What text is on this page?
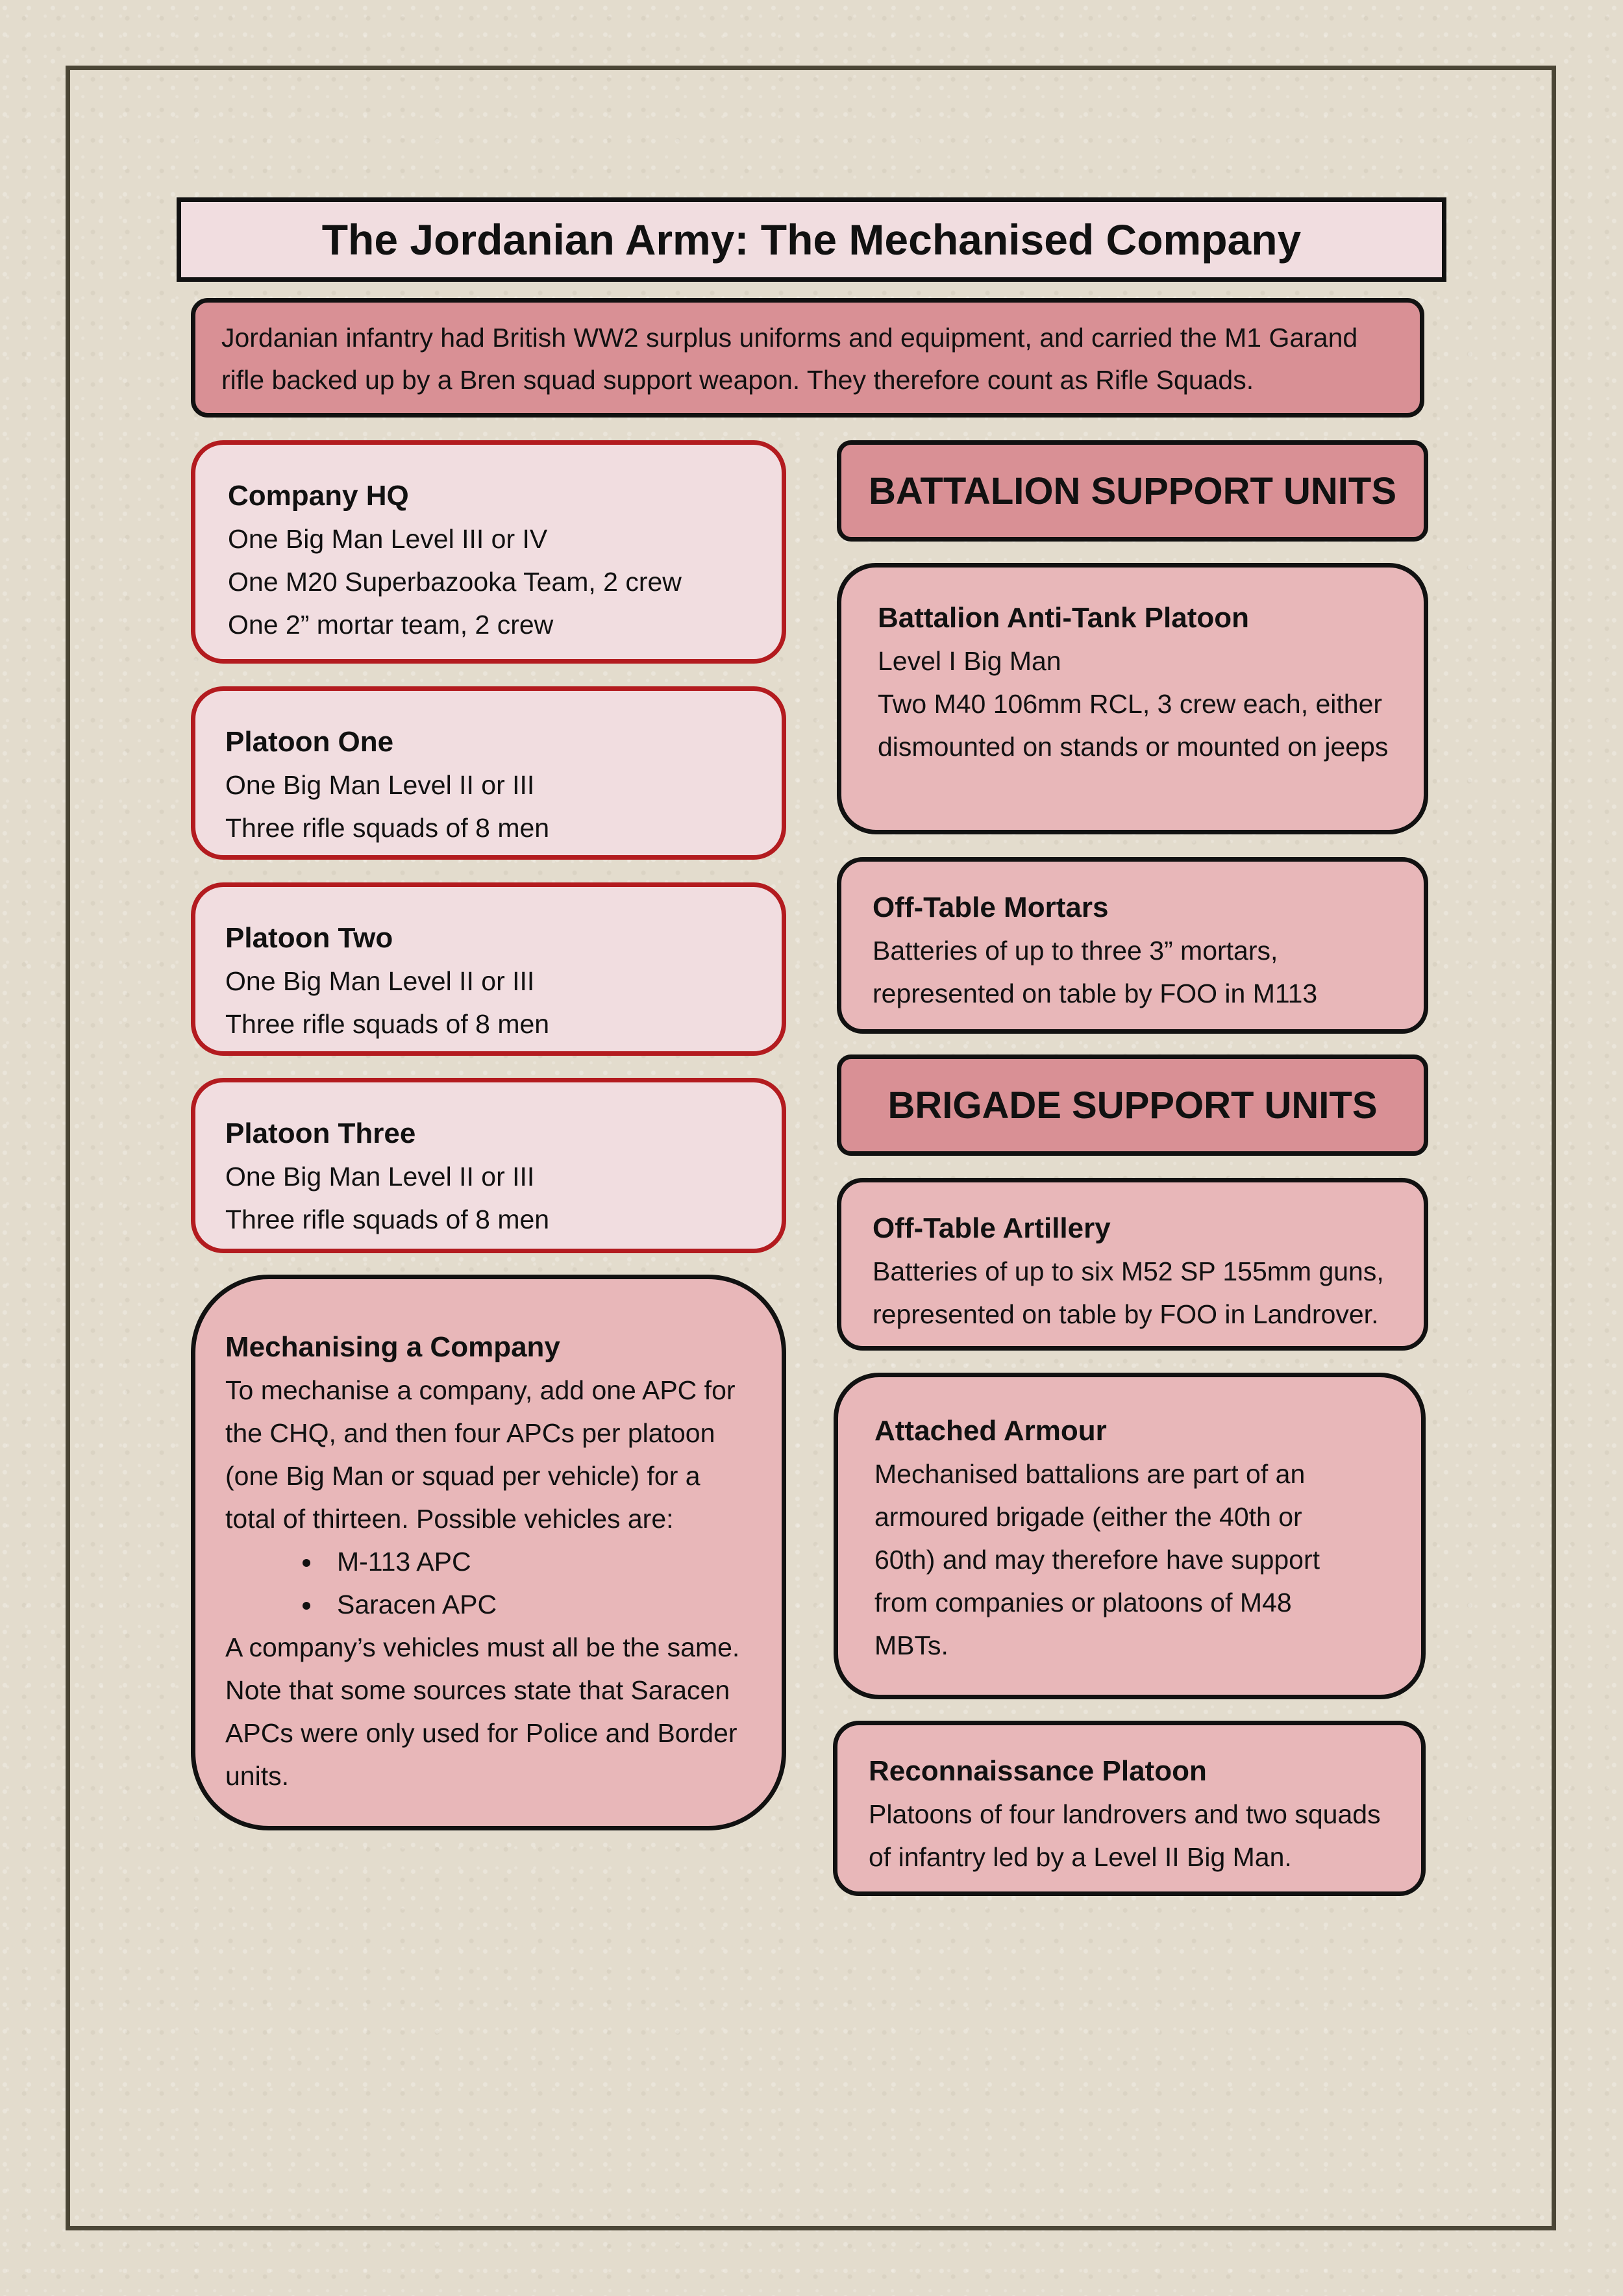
The Jordanian Army: The Mechanised Company
Jordanian infantry had British WW2 surplus uniforms and equipment, and carried the M1 Garand rifle backed up by a Bren squad support weapon. They therefore count as Rifle Squads.
Company HQ
One Big Man Level III or IV
One M20 Superbazooka Team, 2 crew
One 2” mortar team, 2 crew
Platoon One
One Big Man Level II or III
Three rifle squads of 8 men
Platoon Two
One Big Man Level II or III
Three rifle squads of 8 men
Platoon Three
One Big Man Level II or III
Three rifle squads of 8 men
Mechanising a Company
To mechanise a company, add one APC for the CHQ, and then four APCs per platoon (one Big Man or squad per vehicle) for a total of thirteen. Possible vehicles are:
• M-113 APC
• Saracen APC
A company’s vehicles must all be the same. Note that some sources state that Saracen APCs were only used for Police and Border units.
BATTALION SUPPORT UNITS
Battalion Anti-Tank Platoon
Level I Big Man
Two M40 106mm RCL, 3 crew each, either dismounted on stands or mounted on jeeps
Off-Table Mortars
Batteries of up to three 3” mortars, represented on table by FOO in M113
BRIGADE SUPPORT UNITS
Off-Table Artillery
Batteries of up to six M52 SP 155mm guns, represented on table by FOO in Landrover.
Attached Armour
Mechanised battalions are part of an armoured brigade (either the 40th or 60th) and may therefore have support from companies or platoons of M48 MBTs.
Reconnaissance Platoon
Platoons of four landrovers and two squads of infantry led by a Level II Big Man.
